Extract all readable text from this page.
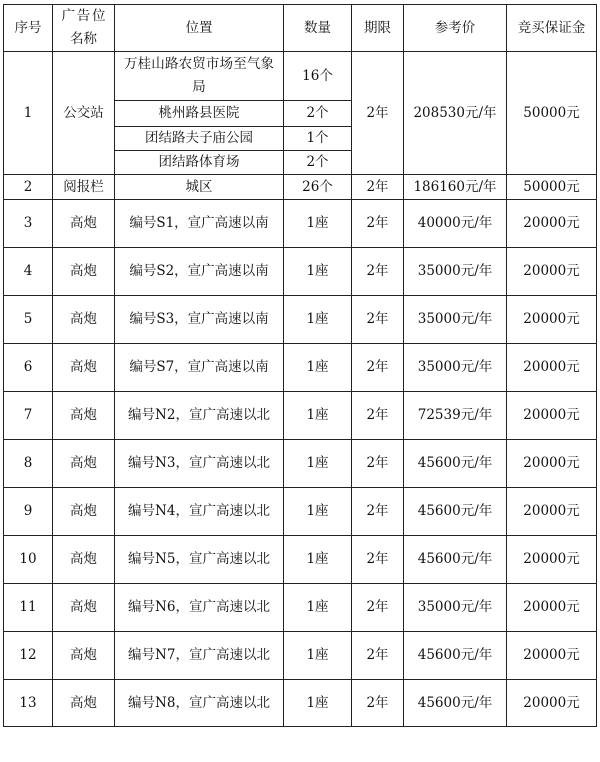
序号	广告位名称	位置	数量	期限	参考价	竞买保证金

1	公交站	万桂山路农贸市场至气象局	16个	2年	208530元/年	50000元
		桃州路县医院	2个			
		团结路夫子庙公园	1个			
		团结路体育场	2个			
2	阅报栏	城区	26个	2年	186160元/年	50000元
3	高炮	编号S1，宣广高速以南	1座	2年	40000元/年	20000元
4	高炮	编号S2，宣广高速以南	1座	2年	35000元/年	20000元
5	高炮	编号S3，宣广高速以南	1座	2年	35000元/年	20000元
6	高炮	编号S7，宣广高速以南	1座	2年	35000元/年	20000元
7	高炮	编号N2，宣广高速以北	1座	2年	72539元/年	20000元
8	高炮	编号N3，宣广高速以北	1座	2年	45600元/年	20000元
9	高炮	编号N4，宣广高速以北	1座	2年	45600元/年	20000元
10	高炮	编号N5，宣广高速以北	1座	2年	45600元/年	20000元
11	高炮	编号N6，宣广高速以北	1座	2年	35000元/年	20000元
12	高炮	编号N7，宣广高速以北	1座	2年	45600元/年	20000元
13	高炮	编号N8，宣广高速以北	1座	2年	45600元/年	20000元
